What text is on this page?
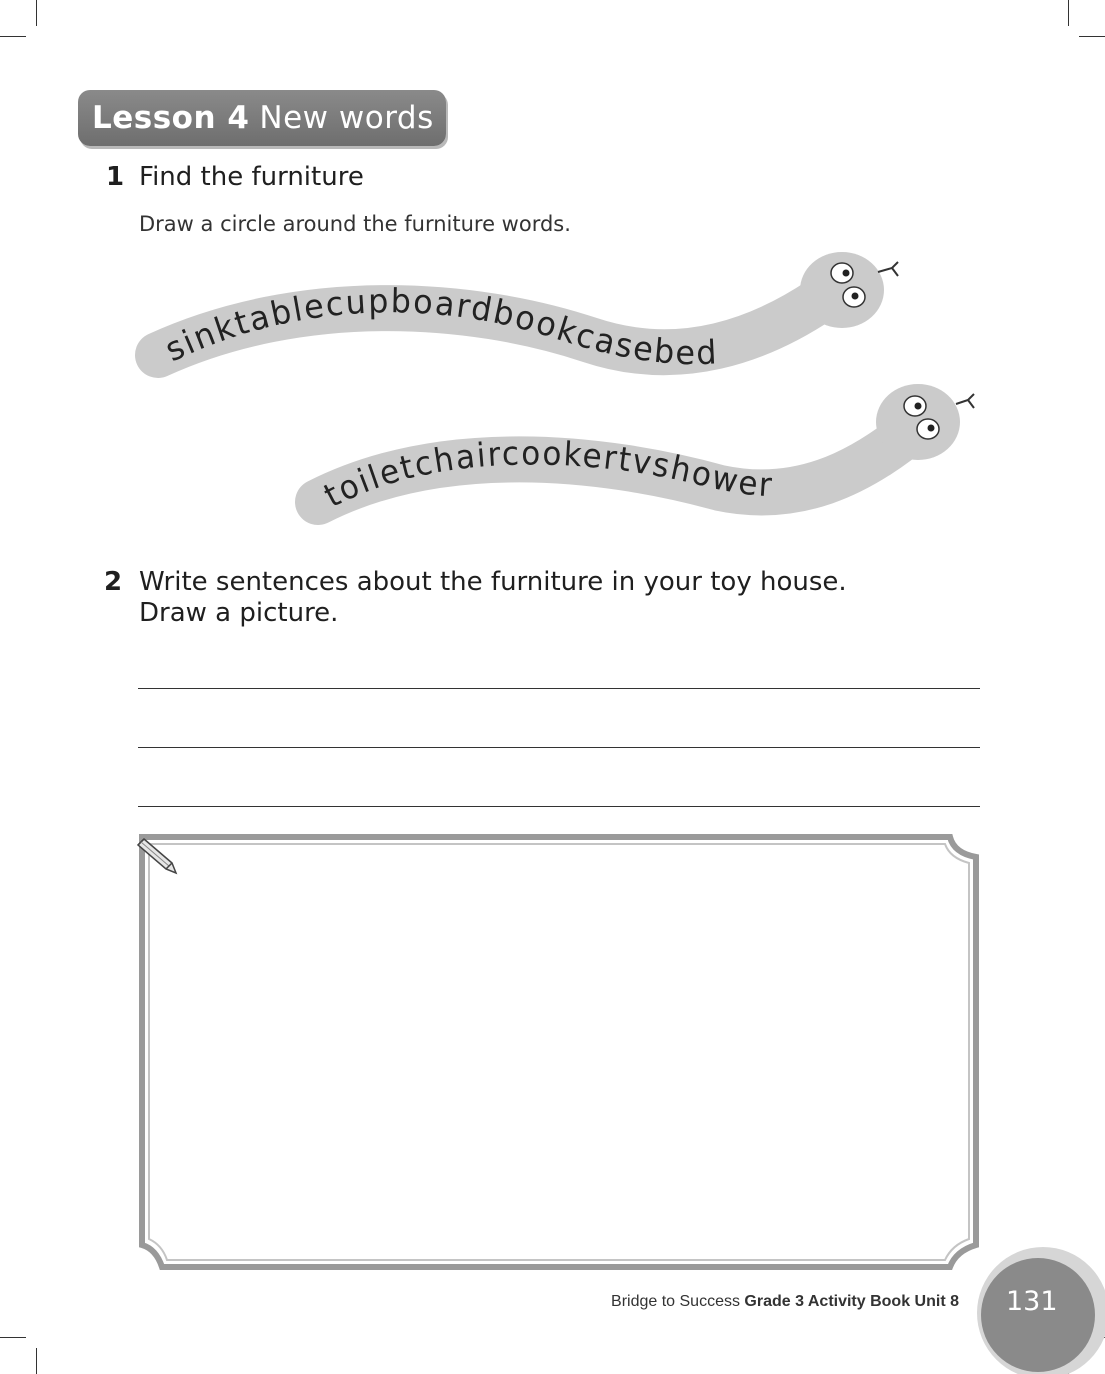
Lesson 4 New words
1 Find the furniture
Draw a circle around the furniture words.
sinktablecupboardbookcasebed
toiletchaircookertvshower
2 Write sentences about the furniture in your toy house.
Draw a picture.
Bridge to Success Grade 3 Activity Book Unit 8 131
